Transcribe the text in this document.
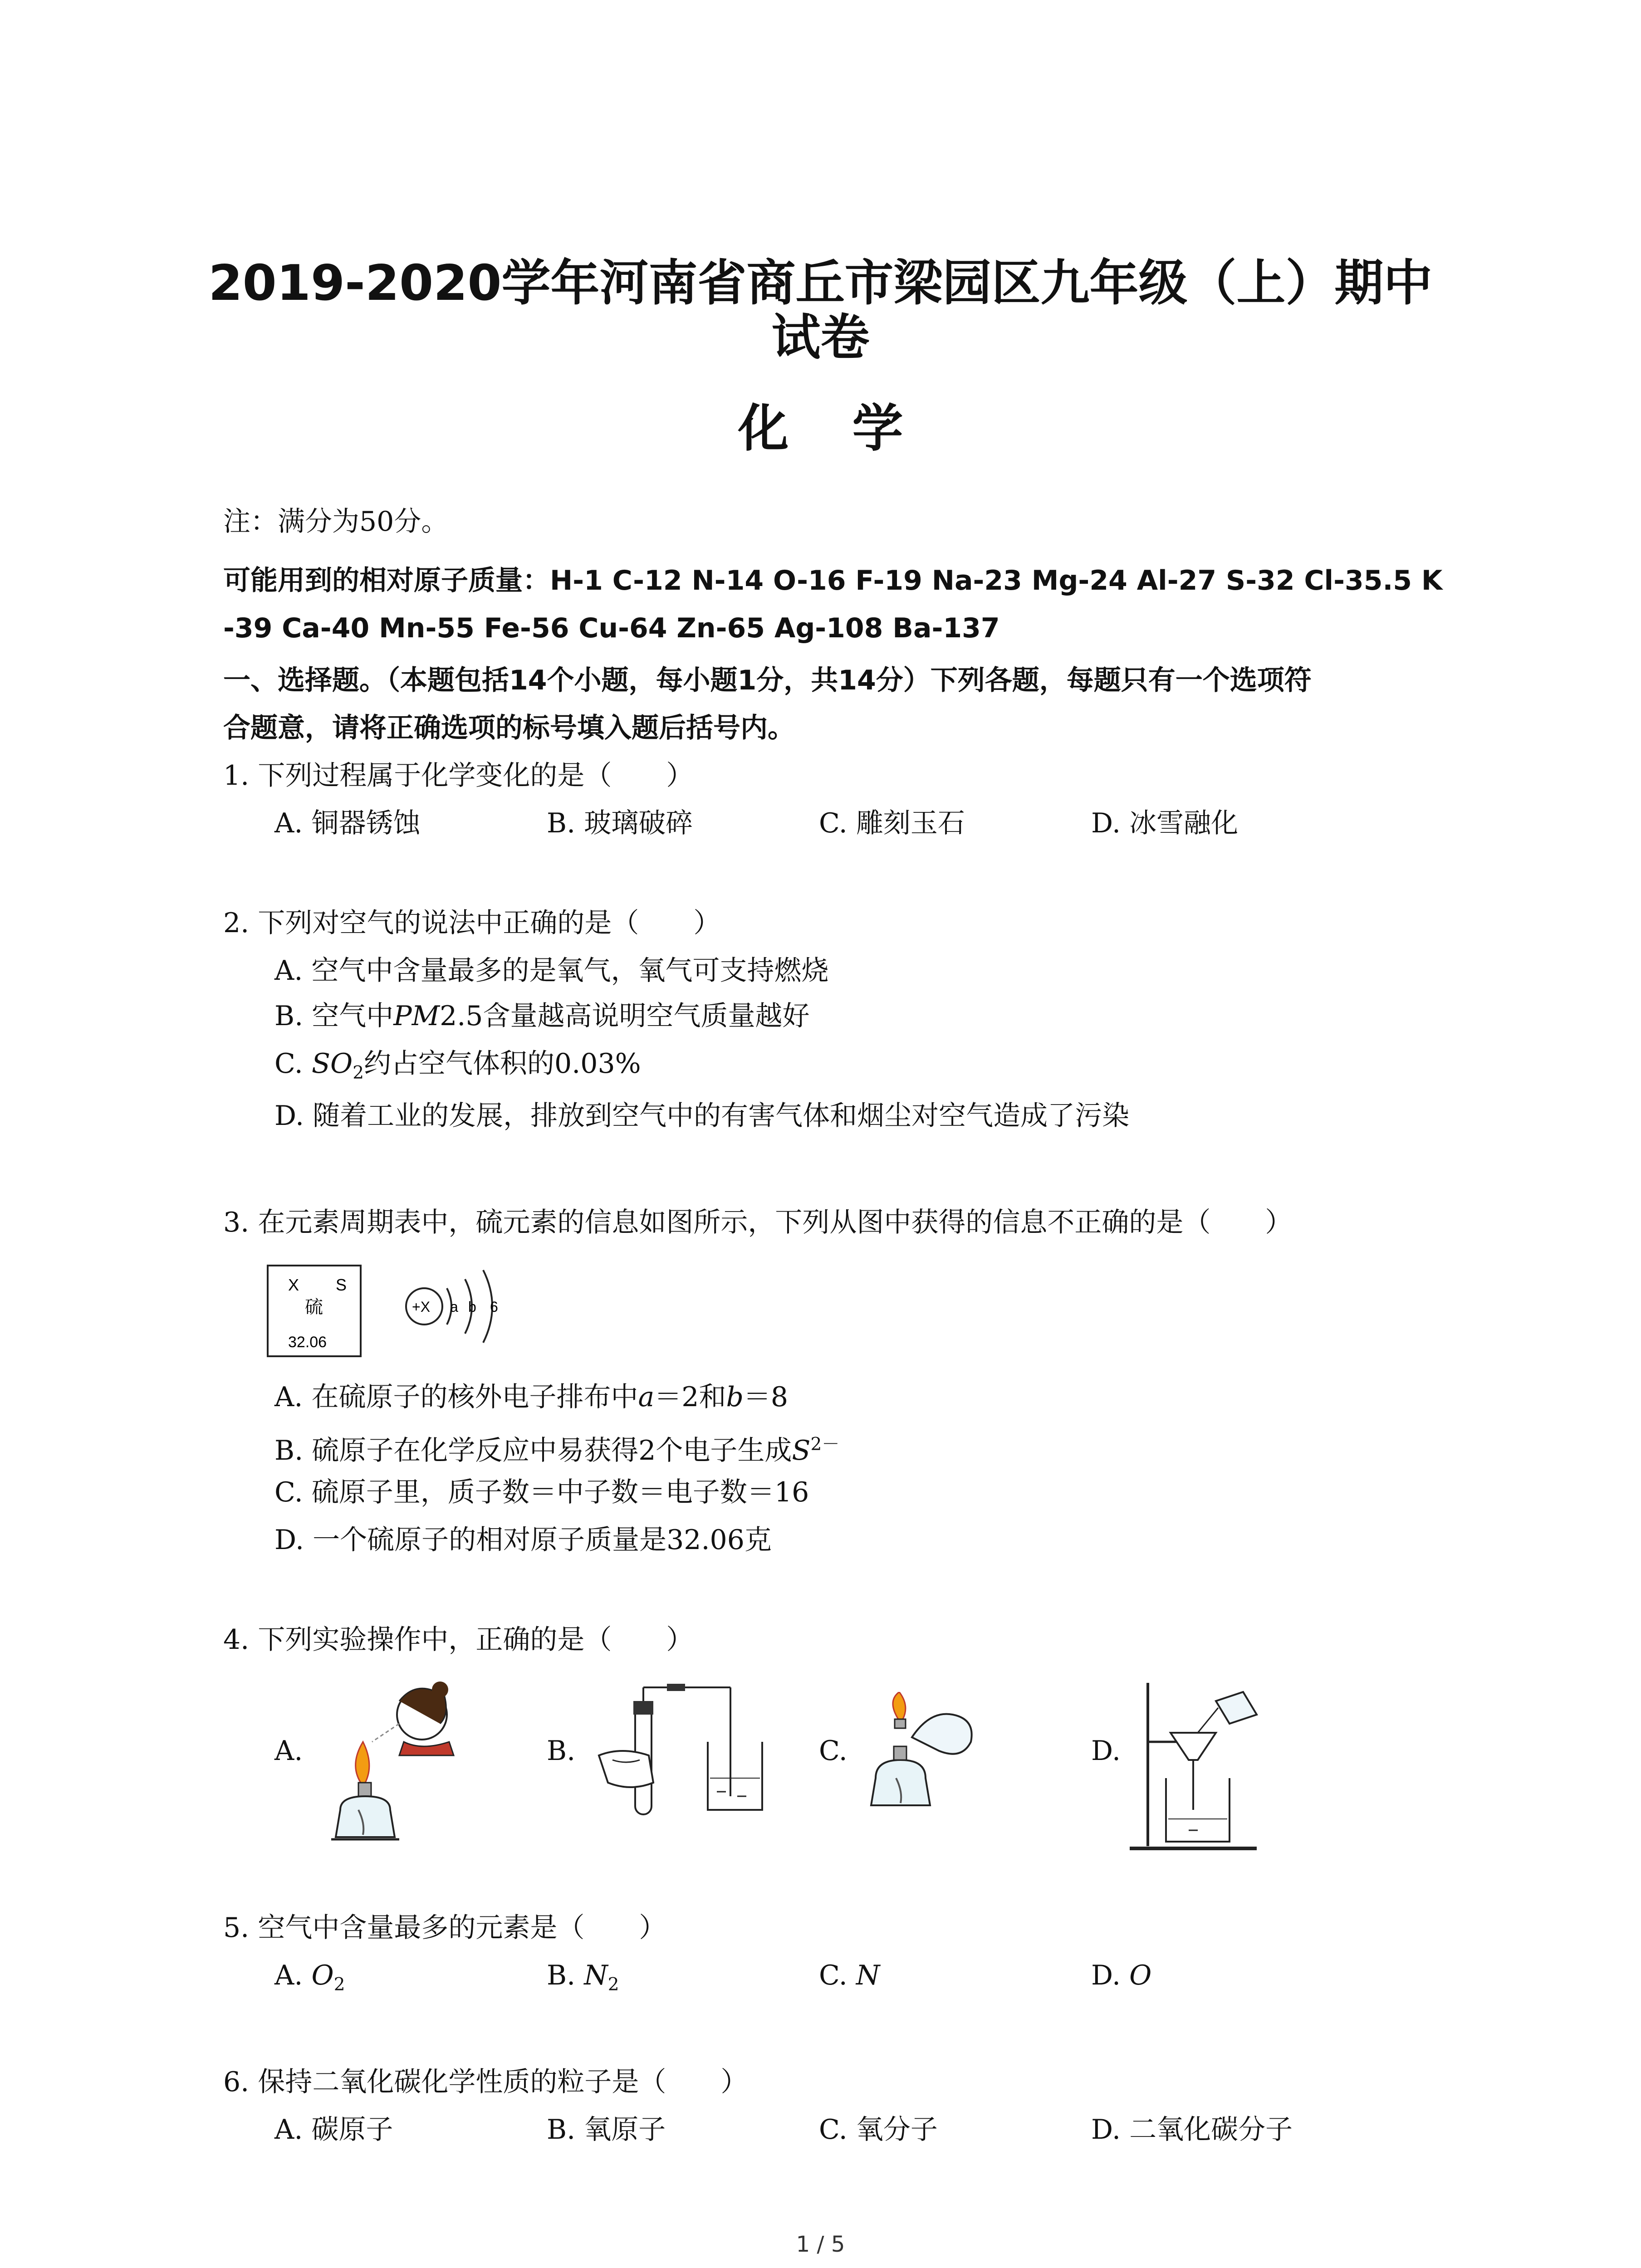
2019-2020学年河南省商丘市梁园区九年级（上）期中
试卷
化学
注：满分为50分。
可能用到的相对原子质量：H-1 C-12 N-14 O-16 F-19 Na-23 Mg-24 Al-27 S-32 Cl-35.5 K
-39 Ca-40 Mn-55 Fe-56 Cu-64 Zn-65 Ag-108 Ba-137
一、选择题。（本题包括14个小题，每小题1分，共14分）下列各题，每题只有一个选项符
合题意，请将正确选项的标号填入题后括号内。
1. 下列过程属于化学变化的是（　　）
A. 铜器锈蚀	B. 玻璃破碎	C. 雕刻玉石	D. 冰雪融化
2. 下列对空气的说法中正确的是（　　）
A. 空气中含量最多的是氧气，氧气可支持燃烧
B. 空气中PM2.5含量越高说明空气质量越好
C. $SO_2$约占空气体积的0.03%
D. 随着工业的发展，排放到空气中的有害气体和烟尘对空气造成了污染
3. 在元素周期表中，硫元素的信息如图所示，下列从图中获得的信息不正确的是（　　）
X S
硫
32.06
+X a b 6
A. 在硫原子的核外电子排布中a＝2和b＝8
B. 硫原子在化学反应中易获得2个电子生成$S^{2-}$
C. 硫原子里，质子数＝中子数＝电子数＝16
D. 一个硫原子的相对原子质量是32.06克
4. 下列实验操作中，正确的是（　　）
A.	B.	C.	D.
5. 空气中含量最多的元素是（　　）
A. $O_2$	B. $N_2$	C. N	D. O
6. 保持二氧化碳化学性质的粒子是（　　）
A. 碳原子	B. 氧原子	C. 氧分子	D. 二氧化碳分子
1 / 5
